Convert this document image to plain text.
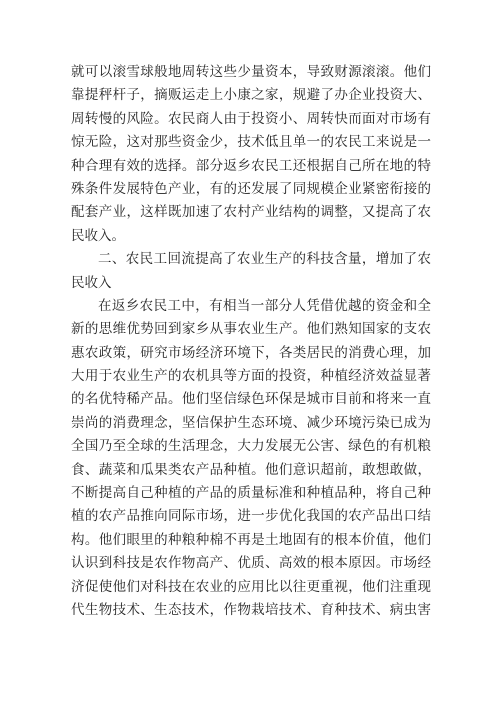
就可以滚雪球般地周转这些少量资本，导致财源滚滚。他们
靠提秤杆子，摘贩运走上小康之家，规避了办企业投资大、
周转慢的风险。农民商人由于投资小、周转快而面对市场有
惊无险，这对那些资金少，技术低且单一的农民工来说是一
种合理有效的选择。部分返乡农民工还根据自己所在地的特
殊条件发展特色产业，有的还发展了同规模企业紧密衔接的
配套产业，这样既加速了农村产业结构的调整，又提高了农
民收入。
二、农民工回流提高了农业生产的科技含量，增加了农
民收入
在返乡农民工中，有相当一部分人凭借优越的资金和全
新的思维优势回到家乡从事农业生产。他们熟知国家的支农
惠农政策，研究市场经济环境下，各类居民的消费心理，加
大用于农业生产的农机具等方面的投资，种植经济效益显著
的名优特稀产品。他们坚信绿色环保是城市目前和将来一直
崇尚的消费理念，坚信保护生态环境、减少环境污染已成为
全国乃至全球的生活理念，大力发展无公害、绿色的有机粮
食、蔬菜和瓜果类农产品种植。他们意识超前，敢想敢做，
不断提高自己种植的产品的质量标准和种植品种，将自己种
植的农产品推向同际市场，进一步优化我国的农产品出口结
构。他们眼里的种粮种棉不再是土地固有的根本价值，他们
认识到科技是农作物高产、优质、高效的根本原因。市场经
济促使他们对科技在农业的应用比以往更重视，他们注重现
代生物技术、生态技术，作物栽培技术、育种技术、病虫害
